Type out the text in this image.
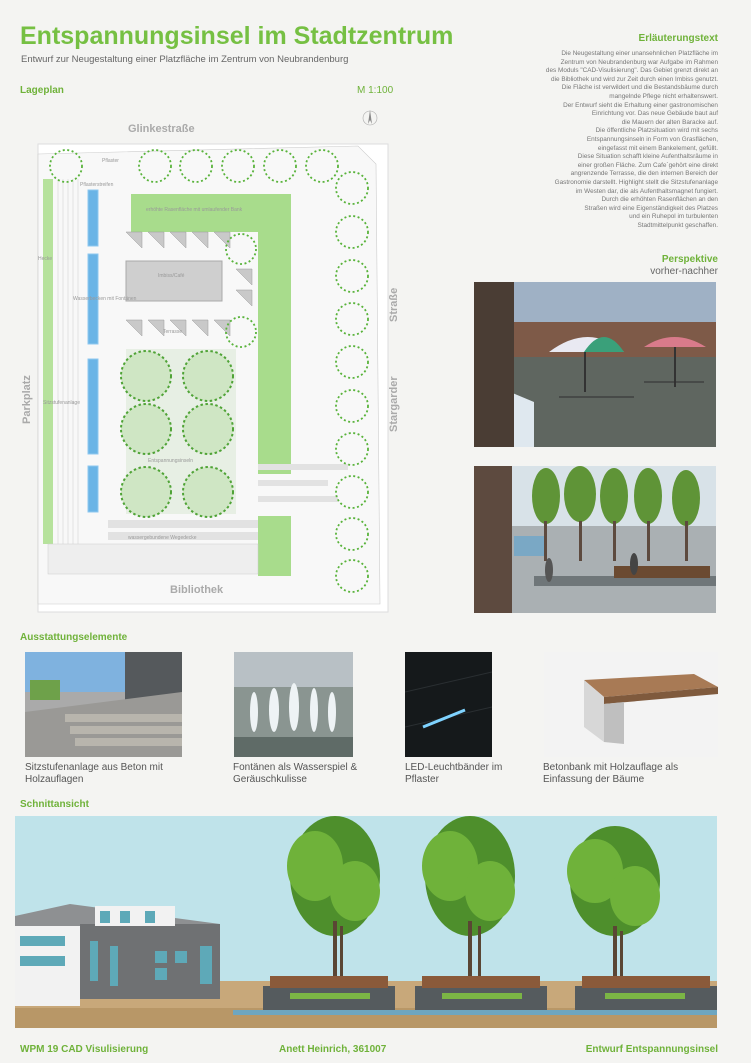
Entspannungsinsel im Stadtzentrum
Entwurf zur Neugestaltung einer Platzfläche im Zentrum von Neubrandenburg
Lageplan	M 1:100
Glinkestraße
Bibliothek
Straße
Stargarder
Parkplatz
Pflaster
Pflasterstreifen
erhöhte Rasenfläche mit umlaufender Bank
Imbiss/Café
Hecke
Wasserbecken mit Fontänen
Terrasse
Sitzstufenanlage
Entspannungsinseln
wassergebundene Wegedecke
Erläuterungstext
Die Neugestaltung einer unansehnlichen Platzfläche im
Zentrum von Neubrandenburg war Aufgabe im Rahmen
des Moduls "CAD-Visulisierung". Das Gebiet grenzt direkt an
die Bibliothek und wird zur Zeit durch einen Imbiss genutzt.
Die Fläche ist verwildert und die Bestandsbäume durch
mangelnde Pflege nicht erhaltenswert.
Der Entwurf sieht die Erhaltung einer gastronomischen
Einrichtung vor. Das neue Gebäude baut auf
die Mauern der alten Baracke auf.
Die öffentliche Platzsituation wird mit sechs
Entspannungsinseln in Form von Grasflächen,
eingefasst mit einem Bankelement, gefüllt.
Diese Situation schafft kleine Aufenthaltsräume in
einer großen Fläche. Zum Cafe´gehört eine direkt
angrenzende Terrasse, die den internen Bereich der
Gastronomie darstellt. Highlight stellt die Sitzstufenanlage
im Westen dar, die als Aufenthaltsmagnet fungiert.
Durch die erhöhten Rasenflächen an den
Straßen wird eine Eigenständigkeit des Platzes
und ein Ruhepol im turbulenten
Stadtmittelpunkt geschaffen.
Perspektive
vorher-nachher
Ausstattungselemente
Sitzstufenanlage aus Beton mit Holzauflagen
Fontänen als Wasserspiel & Geräuschkulisse
LED-Leuchtbänder im Pflaster
Betonbank mit Holzauflage als Einfassung der Bäume
Schnittansicht
WPM 19 CAD Visulisierung	Anett Heinrich, 361007	Entwurf Entspannungsinsel
